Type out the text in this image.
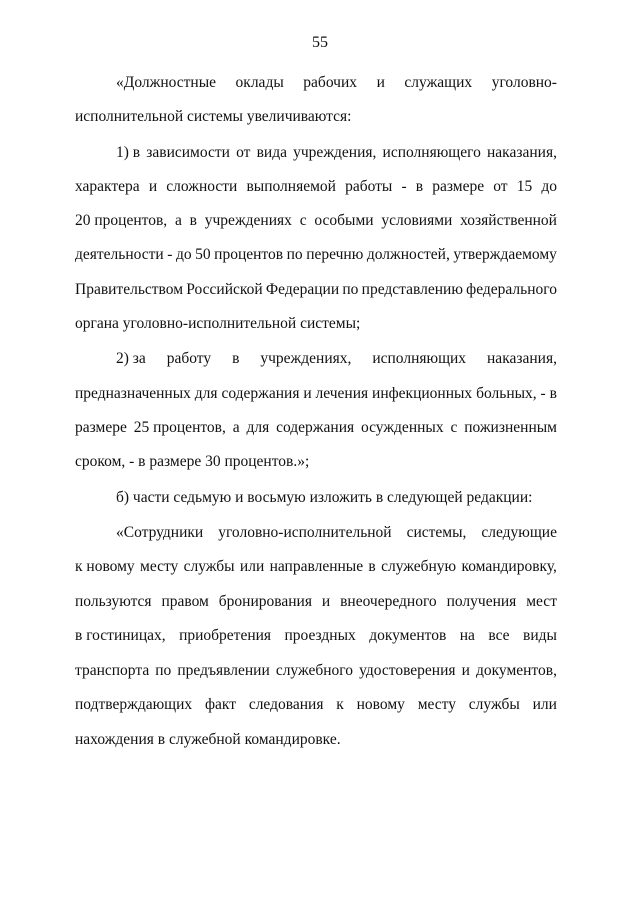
55
«Должностные оклады рабочих и служащих уголовно-
исполнительной системы увеличиваются:
1) в зависимости от вида учреждения, исполняющего наказания,
характера и сложности выполняемой работы - в размере от 15 до
20 процентов, а в учреждениях с особыми условиями хозяйственной
деятельности - до 50 процентов по перечню должностей, утверждаемому
Правительством Российской Федерации по представлению федерального
органа уголовно-исполнительной системы;
2) за работу в учреждениях, исполняющих наказания,
предназначенных для содержания и лечения инфекционных больных, - в
размере 25 процентов, а для содержания осужденных с пожизненным
сроком, - в размере 30 процентов.»;
б) части седьмую и восьмую изложить в следующей редакции:
«Сотрудники уголовно-исполнительной системы, следующие
к новому месту службы или направленные в служебную командировку,
пользуются правом бронирования и внеочередного получения мест
в гостиницах, приобретения проездных документов на все виды
транспорта по предъявлении служебного удостоверения и документов,
подтверждающих факт следования к новому месту службы или
нахождения в служебной командировке.
